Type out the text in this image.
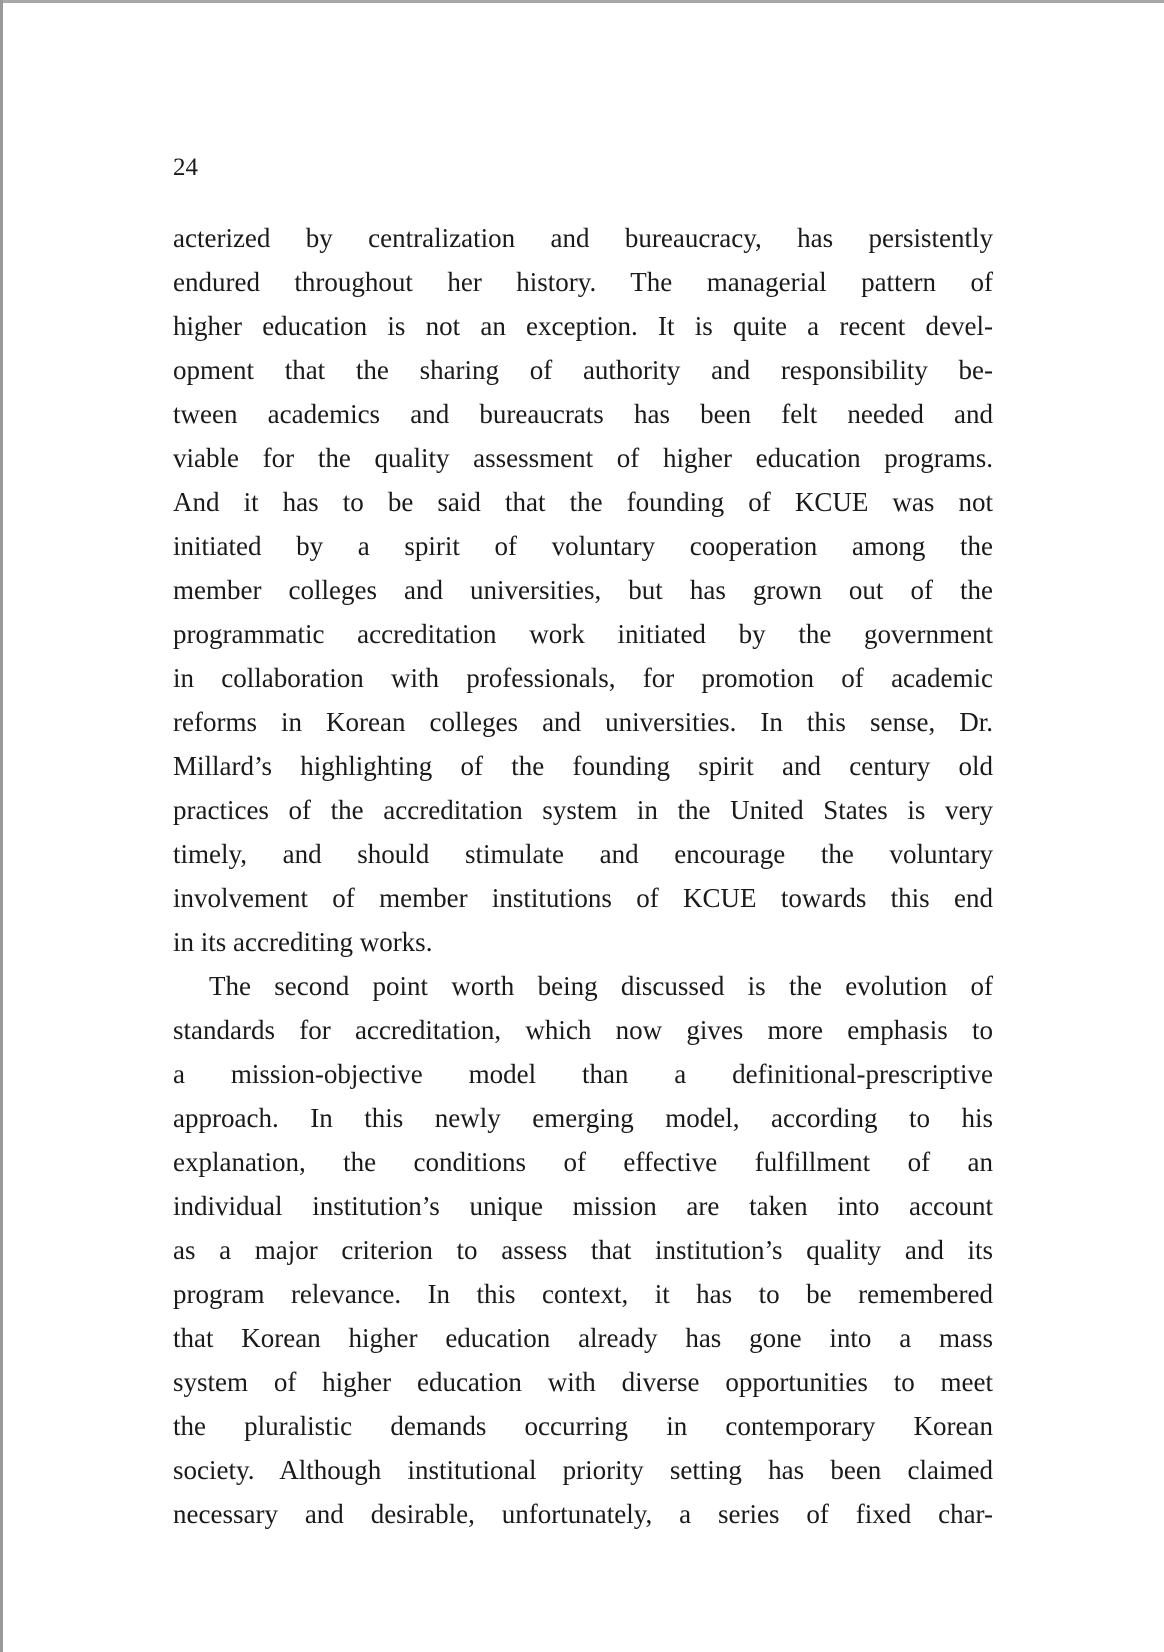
24
acterized by centralization and bureaucracy, has persistently
endured throughout her history. The managerial pattern of
higher education is not an exception. It is quite a recent devel-
opment that the sharing of authority and responsibility be-
tween academics and bureaucrats has been felt needed and
viable for the quality assessment of higher education programs.
And it has to be said that the founding of KCUE was not
initiated by a spirit of voluntary cooperation among the
member colleges and universities, but has grown out of the
programmatic accreditation work initiated by the government
in collaboration with professionals, for promotion of academic
reforms in Korean colleges and universities. In this sense, Dr.
Millard’s highlighting of the founding spirit and century old
practices of the accreditation system in the United States is very
timely, and should stimulate and encourage the voluntary
involvement of member institutions of KCUE towards this end
in its accrediting works.
The second point worth being discussed is the evolution of
standards for accreditation, which now gives more emphasis to
a mission-objective model than a definitional-prescriptive
approach. In this newly emerging model, according to his
explanation, the conditions of effective fulfillment of an
individual institution’s unique mission are taken into account
as a major criterion to assess that institution’s quality and its
program relevance. In this context, it has to be remembered
that Korean higher education already has gone into a mass
system of higher education with diverse opportunities to meet
the pluralistic demands occurring in contemporary Korean
society. Although institutional priority setting has been claimed
necessary and desirable, unfortunately, a series of fixed char-
